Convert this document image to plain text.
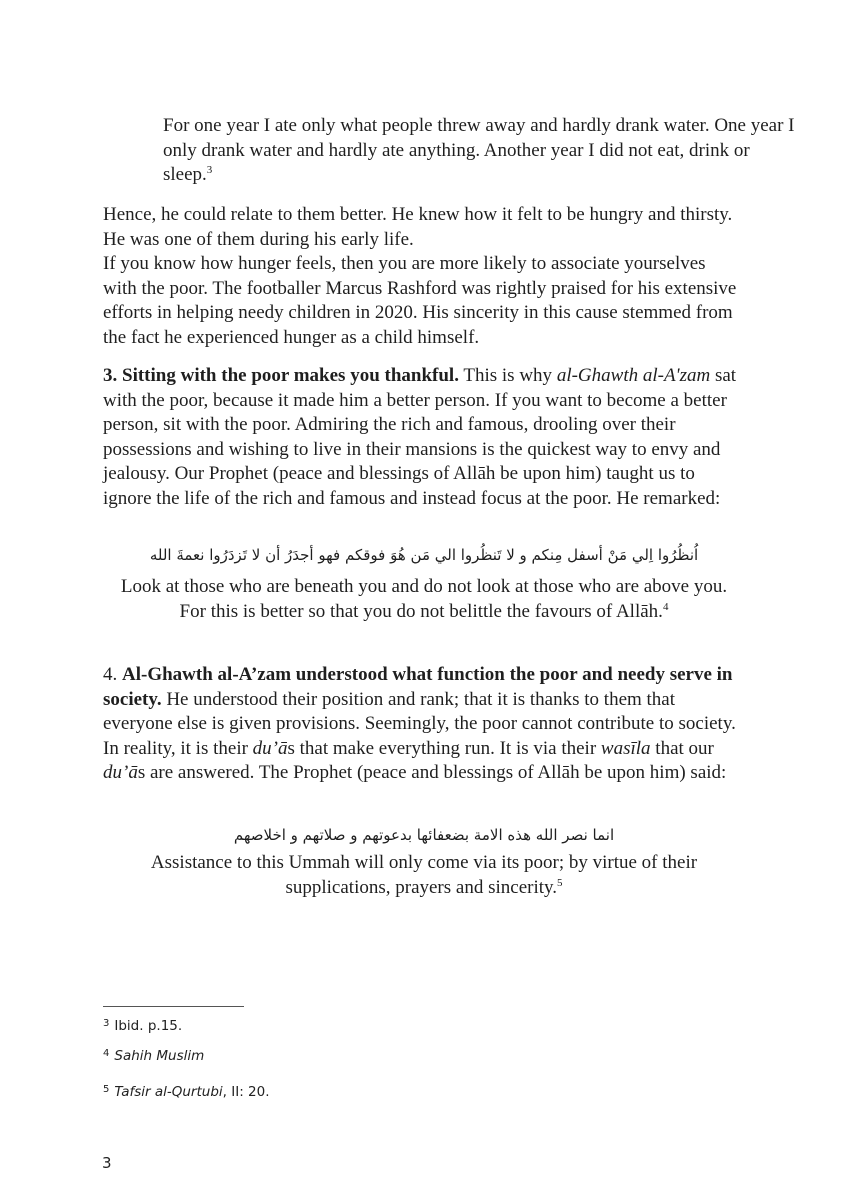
For one year I ate only what people threw away and hardly drank water. One year I only drank water and hardly ate anything. Another year I did not eat, drink or sleep.$^3$
Hence, he could relate to them better. He knew how it felt to be hungry and thirsty. He was one of them during his early life.
If you know how hunger feels, then you are more likely to associate yourselves with the poor. The footballer Marcus Rashford was rightly praised for his extensive efforts in helping needy children in 2020. His sincerity in this cause stemmed from the fact he experienced hunger as a child himself.
3. Sitting with the poor makes you thankful. This is why al-Ghawth al-A'zam sat with the poor, because it made him a better person. If you want to become a better person, sit with the poor. Admiring the rich and famous, drooling over their possessions and wishing to live in their mansions is the quickest way to envy and jealousy. Our Prophet (peace and blessings of Allāh be upon him) taught us to ignore the life of the rich and famous and instead focus at the poor. He remarked:
اُنظُرُوا اِلي مَنْ أسفل مِنكم و لا تَنظُروا الي مَن هُوَ فوقكم فهو أجدَرُ أن لا تَزدَرُوا نعمةَ الله
Look at those who are beneath you and do not look at those who are above you.
For this is better so that you do not belittle the favours of Allāh.$^4$
4. Al-Ghawth al-A’zam understood what function the poor and needy serve in society. He understood their position and rank; that it is thanks to them that everyone else is given provisions. Seemingly, the poor cannot contribute to society. In reality, it is their du’ās that make everything run. It is via their wasīla that our du’ās are answered. The Prophet (peace and blessings of Allāh be upon him) said:
انما نصر الله هذه الامة بضعفائها بدعوتهم و صلاتهم و اخلاصهم
Assistance to this Ummah will only come via its poor; by virtue of their
supplications, prayers and sincerity.$^5$
$^3$ Ibid. p.15.
$^4$ Sahih Muslim
$^5$ Tafsir al-Qurtubi, II: 20.
3
